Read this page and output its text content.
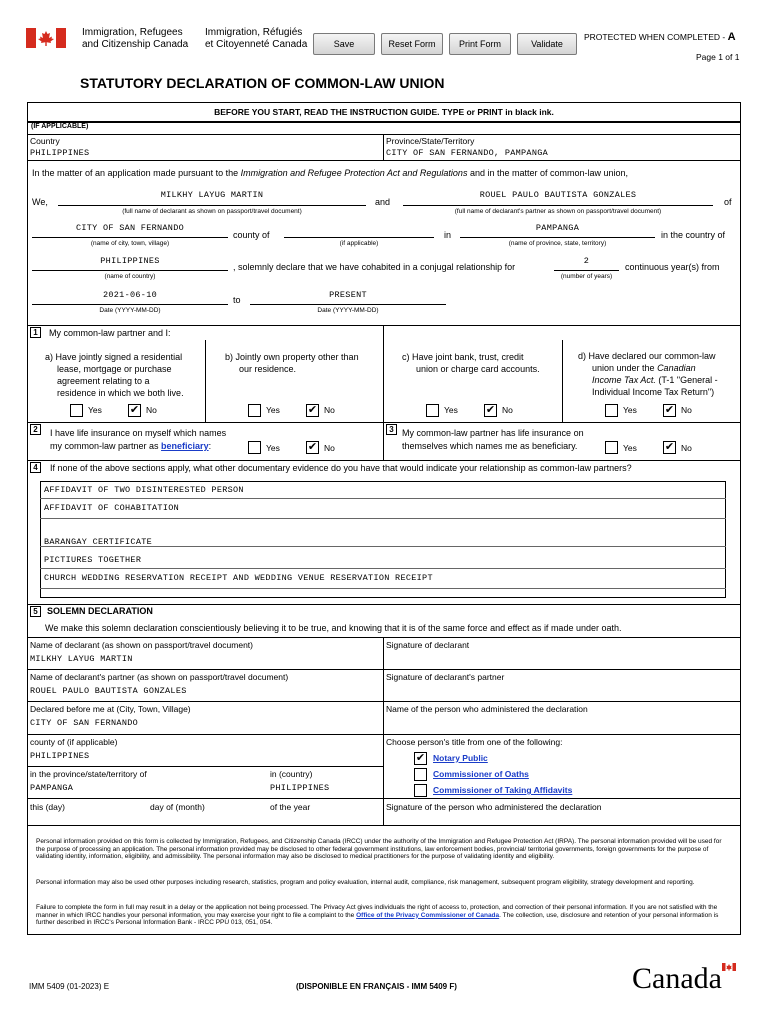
Immigration, Refugees
and Citizenship Canada
Immigration, Réfugiés
et Citoyenneté Canada	Save	Reset Form	Print Form	Validate
PROTECTED WHEN COMPLETED - A
Page 1 of 1
STATUTORY DECLARATION OF COMMON-LAW UNION
BEFORE YOU START, READ THE INSTRUCTION GUIDE. TYPE or PRINT in black ink.
(IF APPLICABLE)
Country
PHILIPPINES
Province/State/Territory
CITY OF SAN FERNANDO, PAMPANGA
In the matter of an application made pursuant to the Immigration and Refugee Protection Act and Regulations and in the matter of common-law union,
We,
MILKHY LAYUG MARTIN
(full name of declarant as shown on passport/travel document)
and
ROUEL PAULO BAUTISTA GONZALES
(full name of declarant's partner as shown on passport/travel document)
of
CITY OF SAN FERNANDO
(name of city, town, village)
county of
(if applicable)
in
PAMPANGA
(name of province, state, territory)
in the country of
PHILIPPINES
(name of country)
, solemnly declare that we have cohabited in a conjugal relationship for
2
(number of years)
continuous year(s) from
2021-06-10
Date (YYYY-MM-DD)
to	PRESENT
Date (YYYY-MM-DD)
1	My common-law partner and I:
a) Have jointly signed a residential
lease, mortgage or purchase
agreement relating to a
residence in which we both live.
b) Jointly own property other than
our residence.
c) Have joint bank, trust, credit
union or charge card accounts.
d) Have declared our common-law
union under the Canadian
Income Tax Act. (T-1 "General -
Individual Income Tax Return")
Yes	✔ No	Yes	✔ No	Yes	✔ No	Yes	✔ No
2	I have life insurance on myself which names
my common-law partner as beneficiary:	Yes	✔ No
3 My common-law partner has life insurance on
themselves which names me as beneficiary.	Yes	✔ No
4	If none of the above sections apply, what other documentary evidence do you have that would indicate your relationship as common-law partners?
AFFIDAVIT OF TWO DISINTERESTED PERSON
AFFIDAVIT OF COHABITATION
BARANGAY CERTIFICATE
PICTIURES TOGETHER
CHURCH WEDDING RESERVATION RECEIPT AND WEDDING VENUE RESERVATION RECEIPT
5	SOLEMN DECLARATION
We make this solemn declaration conscientiously believing it to be true, and knowing that it is of the same force and effect as if made under oath.
Name of declarant (as shown on passport/travel document)
MILKHY LAYUG MARTIN
Signature of declarant
Name of declarant's partner (as shown on passport/travel document)
ROUEL PAULO BAUTISTA GONZALES
Signature of declarant's partner
Declared before me at (City, Town, Village)
CITY OF SAN FERNANDO
Name of the person who administered the declaration
county of (if applicable)
PHILIPPINES
Choose person's title from one of the following:
✔ Notary Public
Commissioner of Oaths
Commissioner of Taking Affidavits
in the province/state/territory of
PAMPANGA
in (country)
PHILIPPINES
this (day)	day of (month)	of the year	Signature of the person who administered the declaration
Personal information provided on this form is collected by Immigration, Refugees, and Citizenship Canada (IRCC) under the authority of the Immigration and Refugee Protection Act (IRPA). The personal information provided will be used for the purpose of processing an application. The personal information provided may be disclosed to other federal government institutions, law enforcement bodies, provincial/ territorial governments, foreign governments for the purpose of validating identity, information, eligibility, and admissibility. The personal information may also be disclosed to medical practitioners for the purpose of validating identity and eligibility.
Personal information may also be used other purposes including research, statistics, program and policy evaluation, internal audit, compliance, risk management, subsequent program eligibility, strategy development and reporting.
Failure to complete the form in full may result in a delay or the application not being processed. The Privacy Act gives individuals the right of access to, protection, and correction of their personal information. If you are not satisfied with the manner in which IRCC handles your personal information, you may exercise your right to file a complaint to the Office of the Privacy Commissioner of Canada. The collection, use, disclosure and retention of your personal information is further described in IRCC's Personal Information Bank - IRCC PPU 013, 051, 054.
IMM 5409 (01-2023) E	(DISPONIBLE EN FRANÇAIS - IMM 5409 F)	Canada
